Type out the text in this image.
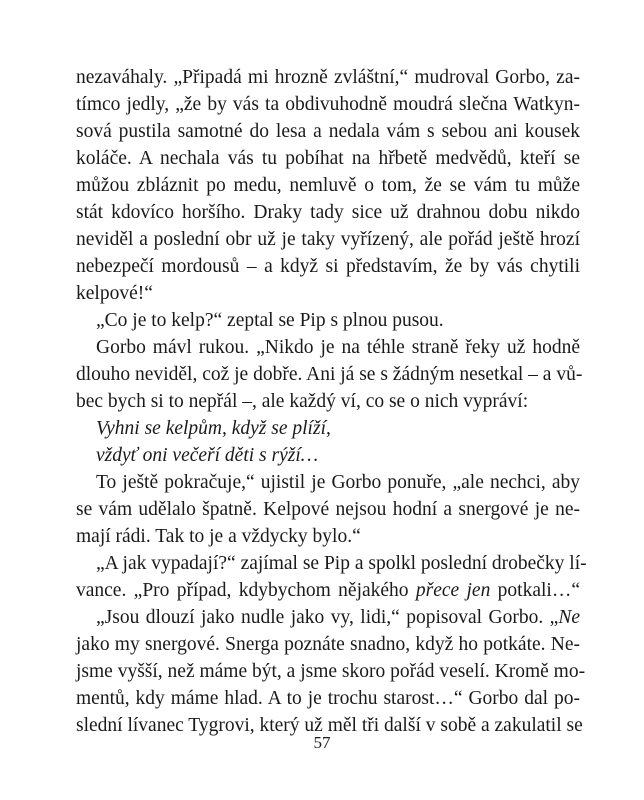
nezaváhaly. „Připadá mi hrozně zvláštní,“ mudroval Gorbo, za-
tímco jedly, „že by vás ta obdivuhodně moudrá slečna Watkyn-
sová pustila samotné do lesa a nedala vám s sebou ani kousek
koláče. A nechala vás tu pobíhat na hřbetě medvědů, kteří se
můžou zbláznit po medu, nemluvě o tom, že se vám tu může
stát kdovíco horšího. Draky tady sice už drahnou dobu nikdo
neviděl a poslední obr už je taky vyřízený, ale pořád ještě hrozí
nebezpečí mordousů – a když si představím, že by vás chytili
kelpové!“
„Co je to kelp?“ zeptal se Pip s plnou pusou.
Gorbo mávl rukou. „Nikdo je na téhle straně řeky už hodně
dlouho neviděl, což je dobře. Ani já se s žádným nesetkal – a vů-
bec bych si to nepřál –, ale každý ví, co se o nich vypráví:
Vyhni se kelpům, když se plíží,
vždyť oni večeří děti s rýží…
To ještě pokračuje,“ ujistil je Gorbo ponuře, „ale nechci, aby
se vám udělalo špatně. Kelpové nejsou hodní a snergové je ne-
mají rádi. Tak to je a vždycky bylo.“
„A jak vypadají?“ zajímal se Pip a spolkl poslední drobečky lí-
vance. „Pro případ, kdybychom nějakého přece jen potkali…“
„Jsou dlouzí jako nudle jako vy, lidi,“ popisoval Gorbo. „Ne
jako my snergové. Snerga poznáte snadno, když ho potkáte. Ne-
jsme vyšší, než máme být, a jsme skoro pořád veselí. Kromě mo-
mentů, kdy máme hlad. A to je trochu starost…“ Gorbo dal po-
slední lívanec Tygrovi, který už měl tři další v sobě a zakulatil se
57
